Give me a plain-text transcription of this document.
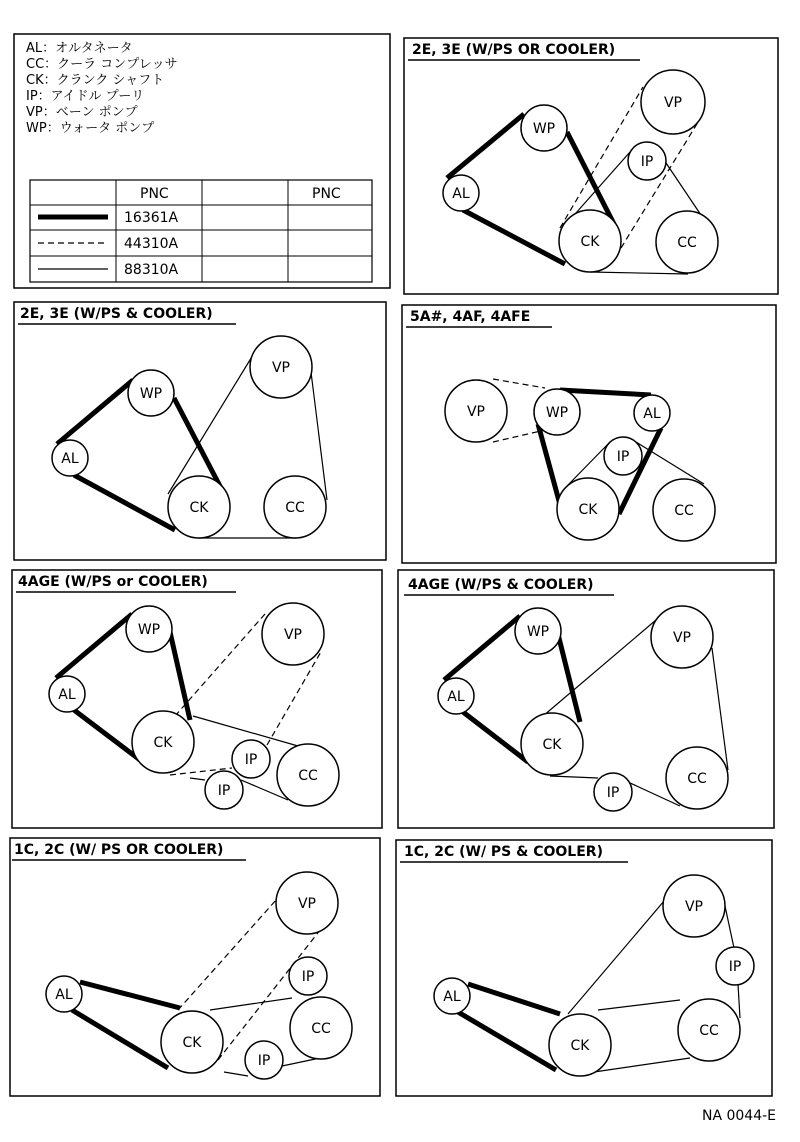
AL：オルタネータ
CC：クーラ コンプレッサ
CK：クランク シャフト
IP：アイドル プーリ
VP：ベーン ポンプ
WP：ウォータ ポンプ
PNC	PNC
16361A
44310A
88310A
2E, 3E (W/PS OR COOLER)
VP
WP
IP
AL
CK	CC
2E, 3E (W/PS & COOLER)
VP
WP
AL
CK	CC
5A#, 4AF, 4AFE
VP	WP	AL
IP
CK	CC
4AGE (W/PS or COOLER)
WP	VP
AL
CK
IP
CC
IP
4AGE (W/PS & COOLER)
WP	VP
AL
CK
CC
IP
1C, 2C (W/ PS OR COOLER)
VP
IP
AL
CC
CK
IP
1C, 2C (W/ PS & COOLER)
VP
IP
AL
CC
CK
NA 0044-E
